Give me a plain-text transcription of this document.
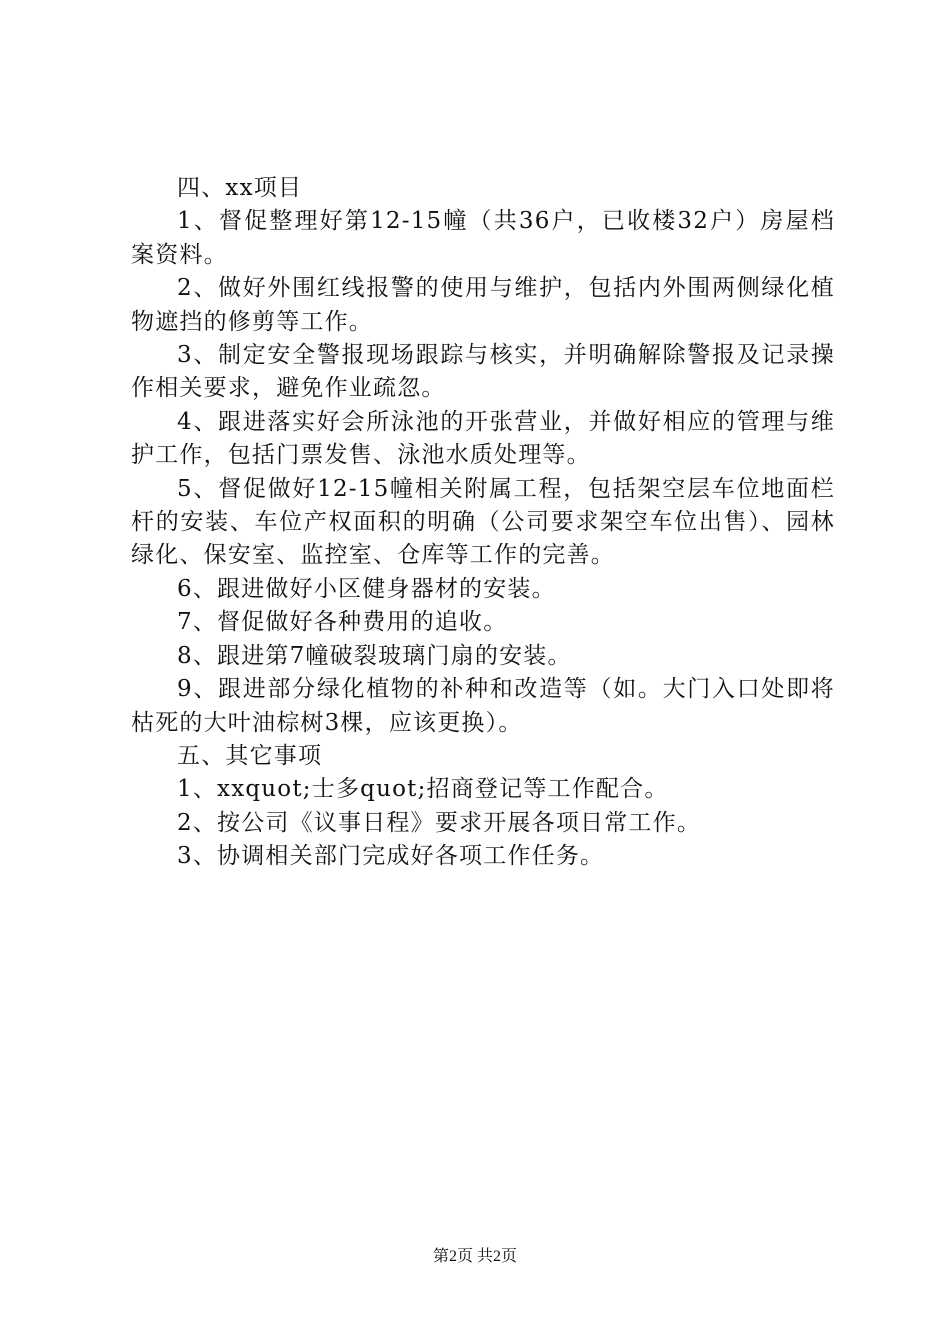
四、xx项目

1、督促整理好第12-15幢（共36户，已收楼32户）房屋档案资料。

2、做好外围红线报警的使用与维护，包括内外围两侧绿化植物遮挡的修剪等工作。

3、制定安全警报现场跟踪与核实，并明确解除警报及记录操作相关要求，避免作业疏忽。

4、跟进落实好会所泳池的开张营业，并做好相应的管理与维护工作，包括门票发售、泳池水质处理等。

5、督促做好12-15幢相关附属工程，包括架空层车位地面栏杆的安装、车位产权面积的明确（公司要求架空车位出售）、园林绿化、保安室、监控室、仓库等工作的完善。

6、跟进做好小区健身器材的安装。

7、督促做好各种费用的追收。

8、跟进第7幢破裂玻璃门扇的安装。

9、跟进部分绿化植物的补种和改造等（如。大门入口处即将枯死的大叶油棕树3棵，应该更换）。

五、其它事项

1、xxquot;士多quot;招商登记等工作配合。

2、按公司《议事日程》要求开展各项日常工作。

3、协调相关部门完成好各项工作任务。

第2页 共2页
